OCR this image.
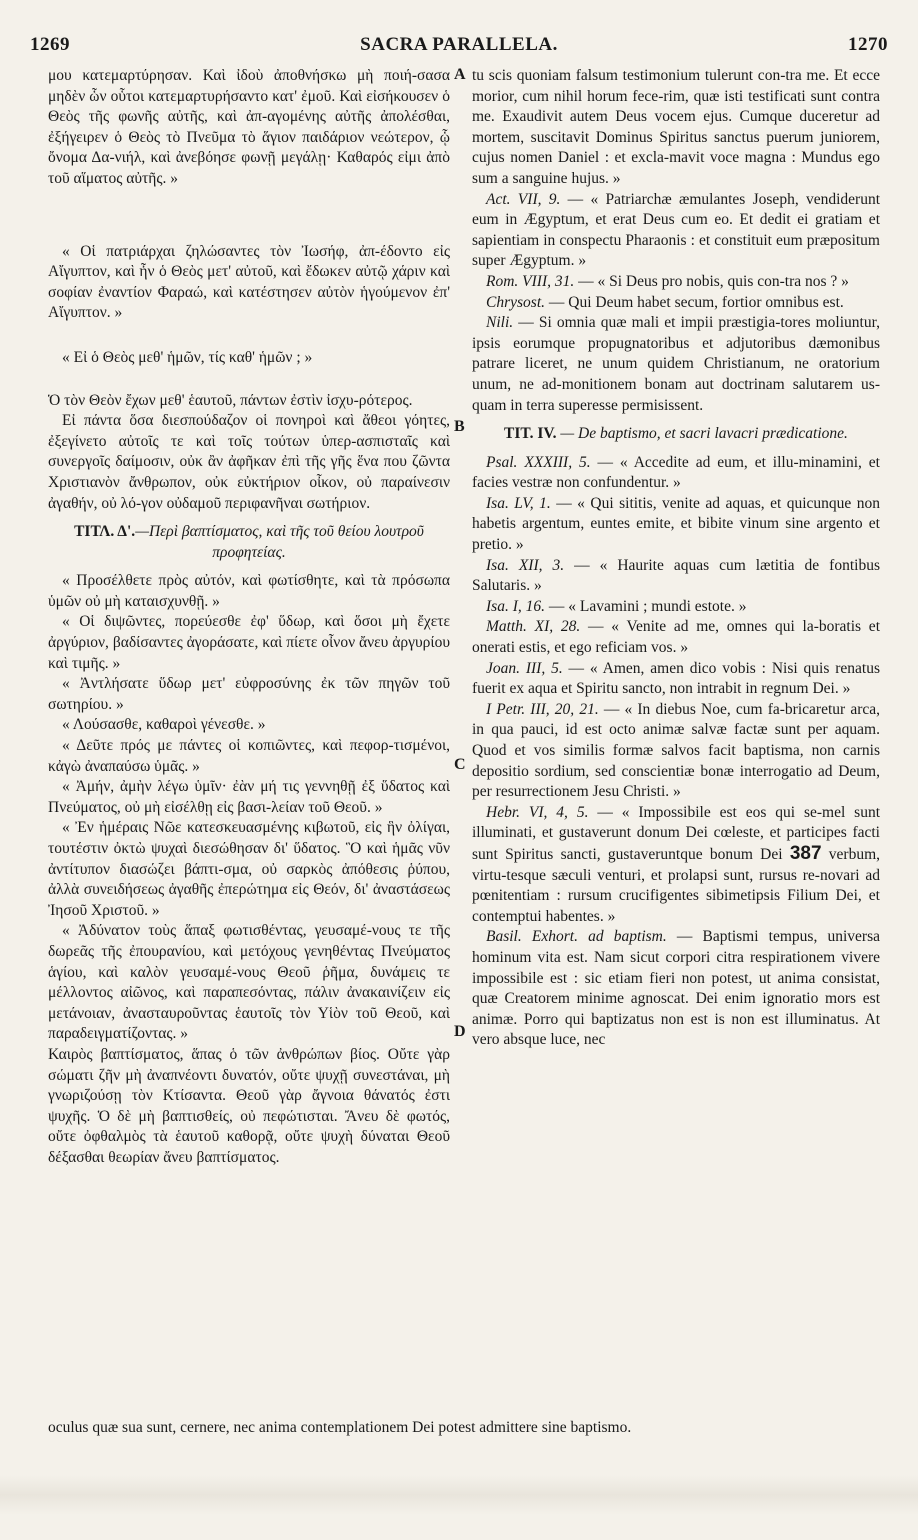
1269	SACRA PARALLELA.	1270
A
B
C
D

μου κατεμαρτύρησαν. Καὶ ἰδοὺ ἀποθνήσκω μὴ ποιή-σασα μηδὲν ὧν οὗτοι κατεμαρτυρήσαντο κατ' ἐμοῦ. Καὶ εἰσήκουσεν ὁ Θεὸς τῆς φωνῆς αὐτῆς, καὶ ἀπ-αγομένης αὐτῆς ἀπολέσθαι, ἐξήγειρεν ὁ Θεὸς τὸ Πνεῦμα τὸ ἅγιον παιδάριον νεώτερον, ᾧ ὄνομα Δα-νιήλ, καὶ ἀνεβόησε φωνῇ μεγάλῃ· Καθαρός εἰμι ἀπὸ τοῦ αἵματος αὐτῆς. »

« Οἱ πατριάρχαι ζηλώσαντες τὸν Ἰωσήφ, ἀπ-έδοντο εἰς Αἴγυπτον, καὶ ἦν ὁ Θεὸς μετ' αὐτοῦ, καὶ ἔδωκεν αὐτῷ χάριν καὶ σοφίαν ἐναντίον Φαραώ, καὶ κατέστησεν αὐτὸν ἡγούμενον ἐπ' Αἴγυπτον. »

« Εἰ ὁ Θεὸς μεθ' ἡμῶν, τίς καθ' ἡμῶν ; »

Ὁ τὸν Θεὸν ἔχων μεθ' ἑαυτοῦ, πάντων ἐστὶν ἰσχυ-ρότερος.

Εἰ πάντα ὅσα διεσπούδαζον οἱ πονηροὶ καὶ ἄθεοι γόητες, ἐξεγίνετο αὐτοῖς τε καὶ τοῖς τούτων ὑπερ-ασπισταῖς καὶ συνεργοῖς δαίμοσιν, οὐκ ἂν ἀφῆκαν ἐπὶ τῆς γῆς ἕνα που ζῶντα Χριστιανὸν ἄνθρωπον, οὐκ εὐκτήριον οἶκον, οὐ παραίνεσιν ἀγαθήν, οὐ λό-γον οὐδαμοῦ περιφανῆναι σωτήριον.

ΤΙΤΛ. Δ'.—Περὶ βαπτίσματος, καὶ τῆς τοῦ θείου λουτροῦ προφητείας.

« Προσέλθετε πρὸς αὐτόν, καὶ φωτίσθητε, καὶ τὰ πρόσωπα ὑμῶν οὐ μὴ καταισχυνθῇ. »

« Οἱ διψῶντες, πορεύεσθε ἐφ' ὕδωρ, καὶ ὅσοι μὴ ἔχετε ἀργύριον, βαδίσαντες ἀγοράσατε, καὶ πίετε οἶνον ἄνευ ἀργυρίου καὶ τιμῆς. »

« Ἀντλήσατε ὕδωρ μετ' εὐφροσύνης ἐκ τῶν πηγῶν τοῦ σωτηρίου. »

« Λούσασθε, καθαροὶ γένεσθε. »

« Δεῦτε πρός με πάντες οἱ κοπιῶντες, καὶ πεφορ-τισμένοι, κἀγὼ ἀναπαύσω ὑμᾶς. »

« Ἀμήν, ἀμὴν λέγω ὑμῖν· ἐὰν μή τις γεννηθῇ ἐξ ὕδατος καὶ Πνεύματος, οὐ μὴ εἰσέλθῃ εἰς βασι-λείαν τοῦ Θεοῦ. »

« Ἐν ἡμέραις Νῶε κατεσκευασμένης κιβωτοῦ, εἰς ἣν ὀλίγαι, τουτέστιν ὀκτὼ ψυχαὶ διεσώθησαν δι' ὕδατος. Ὃ καὶ ἡμᾶς νῦν ἀντίτυπον διασώζει βάπτι-σμα, οὐ σαρκὸς ἀπόθεσις ῥύπου, ἀλλὰ συνειδήσεως ἀγαθῆς ἐπερώτημα εἰς Θεόν, δι' ἀναστάσεως Ἰησοῦ Χριστοῦ. »

« Ἀδύνατον τοὺς ἅπαξ φωτισθέντας, γευσαμέ-νους τε τῆς δωρεᾶς τῆς ἐπουρανίου, καὶ μετόχους γενηθέντας Πνεύματος ἁγίου, καὶ καλὸν γευσαμέ-νους Θεοῦ ῥῆμα, δυνάμεις τε μέλλοντος αἰῶνος, καὶ παραπεσόντας, πάλιν ἀνακαινίζειν εἰς μετάνοιαν, ἀνασταυροῦντας ἑαυτοῖς τὸν Υἱὸν τοῦ Θεοῦ, καὶ παραδειγματίζοντας. »

Καιρὸς βαπτίσματος, ἅπας ὁ τῶν ἀνθρώπων βίος. Οὔτε γὰρ σώματι ζῆν μὴ ἀναπνέοντι δυνατόν, οὔτε ψυχῇ συνεστάναι, μὴ γνωριζούσῃ τὸν Κτίσαντα. Θεοῦ γὰρ ἄγνοια θάνατός ἐστι ψυχῆς. Ὁ δὲ μὴ βαπτισθείς, οὐ πεφώτισται. Ἄνευ δὲ φωτός, οὔτε ὀφθαλμὸς τὰ ἑαυτοῦ καθορᾷ, οὔτε ψυχὴ δύναται Θεοῦ δέξασθαι θεωρίαν ἄνευ βαπτίσματος.

tu scis quoniam falsum testimonium tulerunt con-tra me. Et ecce morior, cum nihil horum fece-rim, quæ isti testificati sunt contra me. Exaudivit autem Deus vocem ejus. Cumque duceretur ad mortem, suscitavit Dominus Spiritus sanctus puerum juniorem, cujus nomen Daniel : et excla-mavit voce magna : Mundus ego sum a sanguine hujus. »

Act. VII, 9. — « Patriarchæ æmulantes Joseph, vendiderunt eum in Ægyptum, et erat Deus cum eo. Et dedit ei gratiam et sapientiam in conspectu Pharaonis : et constituit eum præpositum super Ægyptum. »

Rom. VIII, 31. — « Si Deus pro nobis, quis con-tra nos ? »

Chrysost. — Qui Deum habet secum, fortior omnibus est.

Nili. — Si omnia quæ mali et impii præstigia-tores moliuntur, ipsis eorumque propugnatoribus et adjutoribus dæmonibus patrare liceret, ne unum quidem Christianum, ne oratorium unum, ne ad-monitionem bonam aut doctrinam salutarem us-quam in terra superesse permisissent.

TIT. IV. — De baptismo, et sacri lavacri prædicatione.

Psal. XXXIII, 5. — « Accedite ad eum, et illu-minamini, et facies vestræ non confundentur. »

Isa. LV, 1. — « Qui sititis, venite ad aquas, et quicunque non habetis argentum, euntes emite, et bibite vinum sine argento et pretio. »

Isa. XII, 3. — « Haurite aquas cum lætitia de fontibus Salutaris. »

Isa. I, 16. — « Lavamini ; mundi estote. »

Matth. XI, 28. — « Venite ad me, omnes qui la-boratis et onerati estis, et ego reficiam vos. »

Joan. III, 5. — « Amen, amen dico vobis : Nisi quis renatus fuerit ex aqua et Spiritu sancto, non intrabit in regnum Dei. »

I Petr. III, 20, 21. — « In diebus Noe, cum fa-bricaretur arca, in qua pauci, id est octo animæ salvæ factæ sunt per aquam. Quod et vos similis formæ salvos facit baptisma, non carnis depositio sordium, sed conscientiæ bonæ interrogatio ad Deum, per resurrectionem Jesu Christi. »

Hebr. VI, 4, 5. — « Impossibile est eos qui se-mel sunt illuminati, et gustaverunt donum Dei cœleste, et participes facti sunt Spiritus sancti, gustaveruntque bonum Dei 387 verbum, virtu-tesque sæculi venturi, et prolapsi sunt, rursus re-novari ad pœnitentiam : rursum crucifigentes sibimetipsis Filium Dei, et contemptui habentes. »

Basil. Exhort. ad baptism. — Baptismi tempus, universa hominum vita est. Nam sicut corpori citra respirationem vivere impossibile est : sic etiam fieri non potest, ut anima consistat, quæ Creatorem minime agnoscat. Dei enim ignoratio mors est animæ. Porro qui baptizatus non est is non est illuminatus. At vero absque luce, nec

oculus quæ sua sunt, cernere, nec anima contemplationem Dei potest admittere sine baptismo.
